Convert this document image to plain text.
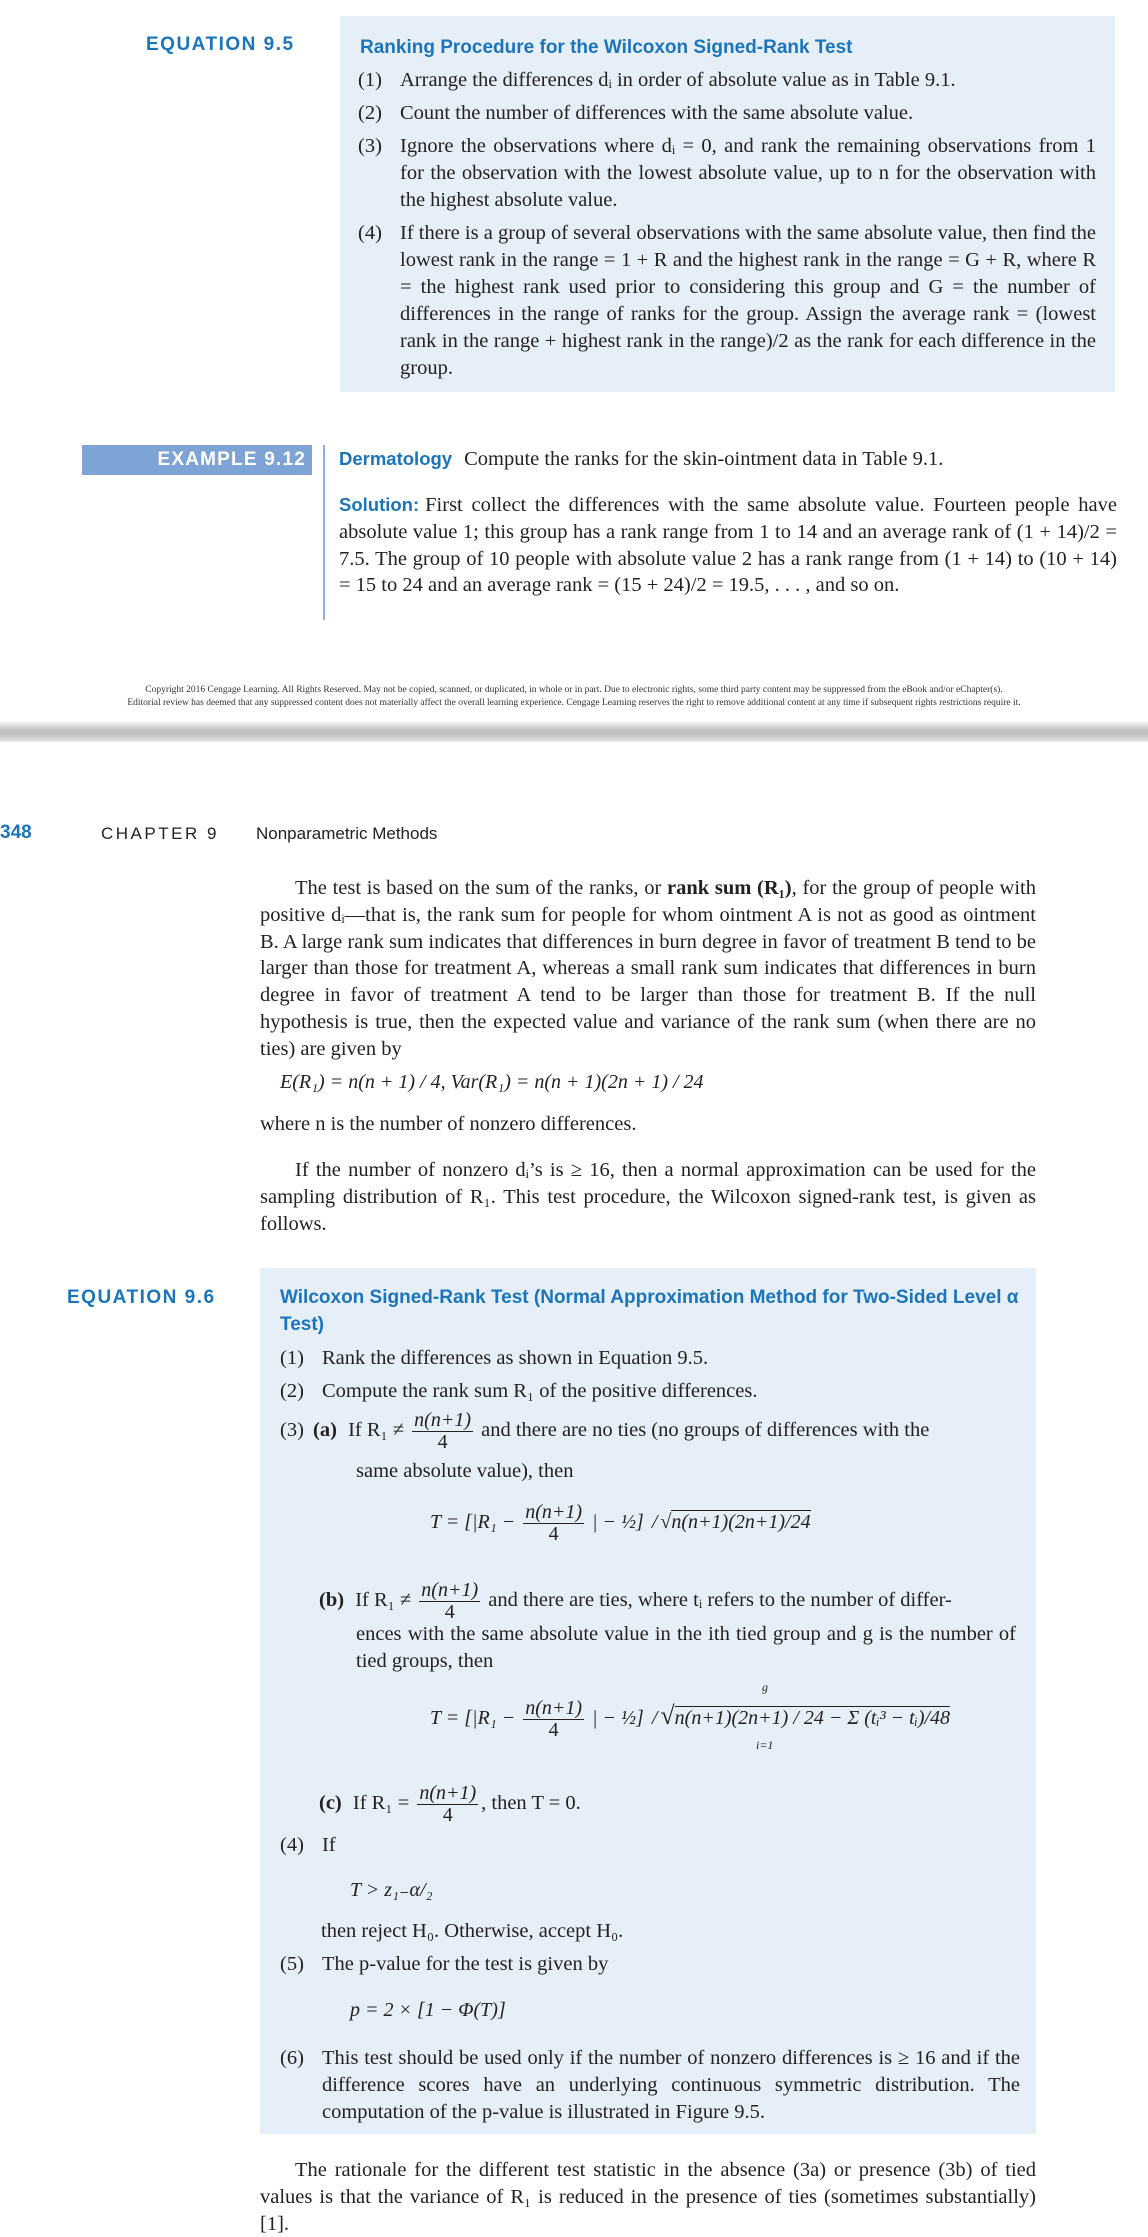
EQUATION 9.5	Ranking Procedure for the Wilcoxon Signed-Rank Test
(1) Arrange the differences dᵢ in order of absolute value as in Table 9.1.
(2) Count the number of differences with the same absolute value.
(3) Ignore the observations where dᵢ = 0, and rank the remaining observations from 1 for the observation with the lowest absolute value, up to n for the observation with the highest absolute value.
(4) If there is a group of several observations with the same absolute value, then find the lowest rank in the range = 1 + R and the highest rank in the range = G + R, where R = the highest rank used prior to considering this group and G = the number of differences in the range of ranks for the group. Assign the average rank = (lowest rank in the range + highest rank in the range)/2 as the rank for each difference in the group.
EXAMPLE 9.12	Dermatology Compute the ranks for the skin-ointment data in Table 9.1.
Solution: First collect the differences with the same absolute value. Fourteen people have absolute value 1; this group has a rank range from 1 to 14 and an average rank of (1 + 14)/2 = 7.5. The group of 10 people with absolute value 2 has a rank range from (1 + 14) to (10 + 14) = 15 to 24 and an average rank = (15 + 24)/2 = 19.5, . . . , and so on.
Copyright 2016 Cengage Learning. All Rights Reserved. May not be copied, scanned, or duplicated, in whole or in part. Due to electronic rights, some third party content may be suppressed from the eBook and/or eChapter(s).
Editorial review has deemed that any suppressed content does not materially affect the overall learning experience. Cengage Learning reserves the right to remove additional content at any time if subsequent rights restrictions require it.
348	CHAPTER 9 Nonparametric Methods
The test is based on the sum of the ranks, or rank sum (R₁), for the group of people with positive dᵢ—that is, the rank sum for people for whom ointment A is not as good as ointment B. A large rank sum indicates that differences in burn degree in favor of treatment B tend to be larger than those for treatment A, whereas a small rank sum indicates that differences in burn degree in favor of treatment A tend to be larger than those for treatment B. If the null hypothesis is true, then the expected value and variance of the rank sum (when there are no ties) are given by
E(R₁) = n(n + 1) / 4, Var(R₁) = n(n + 1)(2n + 1) / 24
where n is the number of nonzero differences.
If the number of nonzero dᵢ’s is ≥ 16, then a normal approximation can be used for the sampling distribution of R₁. This test procedure, the Wilcoxon signed-rank test, is given as follows.
EQUATION 9.6	Wilcoxon Signed-Rank Test (Normal Approximation Method for Two-Sided Level α Test)
(1) Rank the differences as shown in Equation 9.5.
(2) Compute the rank sum R₁ of the positive differences.
(3) (a) If $R_1 \ne \frac{n(n+1)}{4}$ and there are no ties (no groups of differences with the
same absolute value), then
$T = [|R_1 - \frac{n(n+1)}{4}$ | − ½] / √n(n+1)(2n+1)/24
(b) If $R_1 \ne \frac{n(n+1)}{4}$ and there are ties, where tᵢ refers to the number of differ-
ences with the same absolute value in the ith tied group and g is the number of tied groups, then
$T = [|R_1 - \frac{n(n+1)}{4}$ | − ½] / √n(n+1)(2n+1) / 24 − Σ (tᵢ³ − tᵢ)/48
g
i=1
(c) If $R_1 = \frac{n(n+1)}{4}$ , then T = 0.
(4) If
T > z₁₋α/₂
then reject H₀. Otherwise, accept H₀.
(5) The p-value for the test is given by
p = 2 × [1 − Φ(T)]
(6) This test should be used only if the number of nonzero differences is ≥ 16 and if the difference scores have an underlying continuous symmetric distribution. The computation of the p-value is illustrated in Figure 9.5.
The rationale for the different test statistic in the absence (3a) or presence (3b) of tied values is that the variance of R₁ is reduced in the presence of ties (sometimes substantially) [1].
